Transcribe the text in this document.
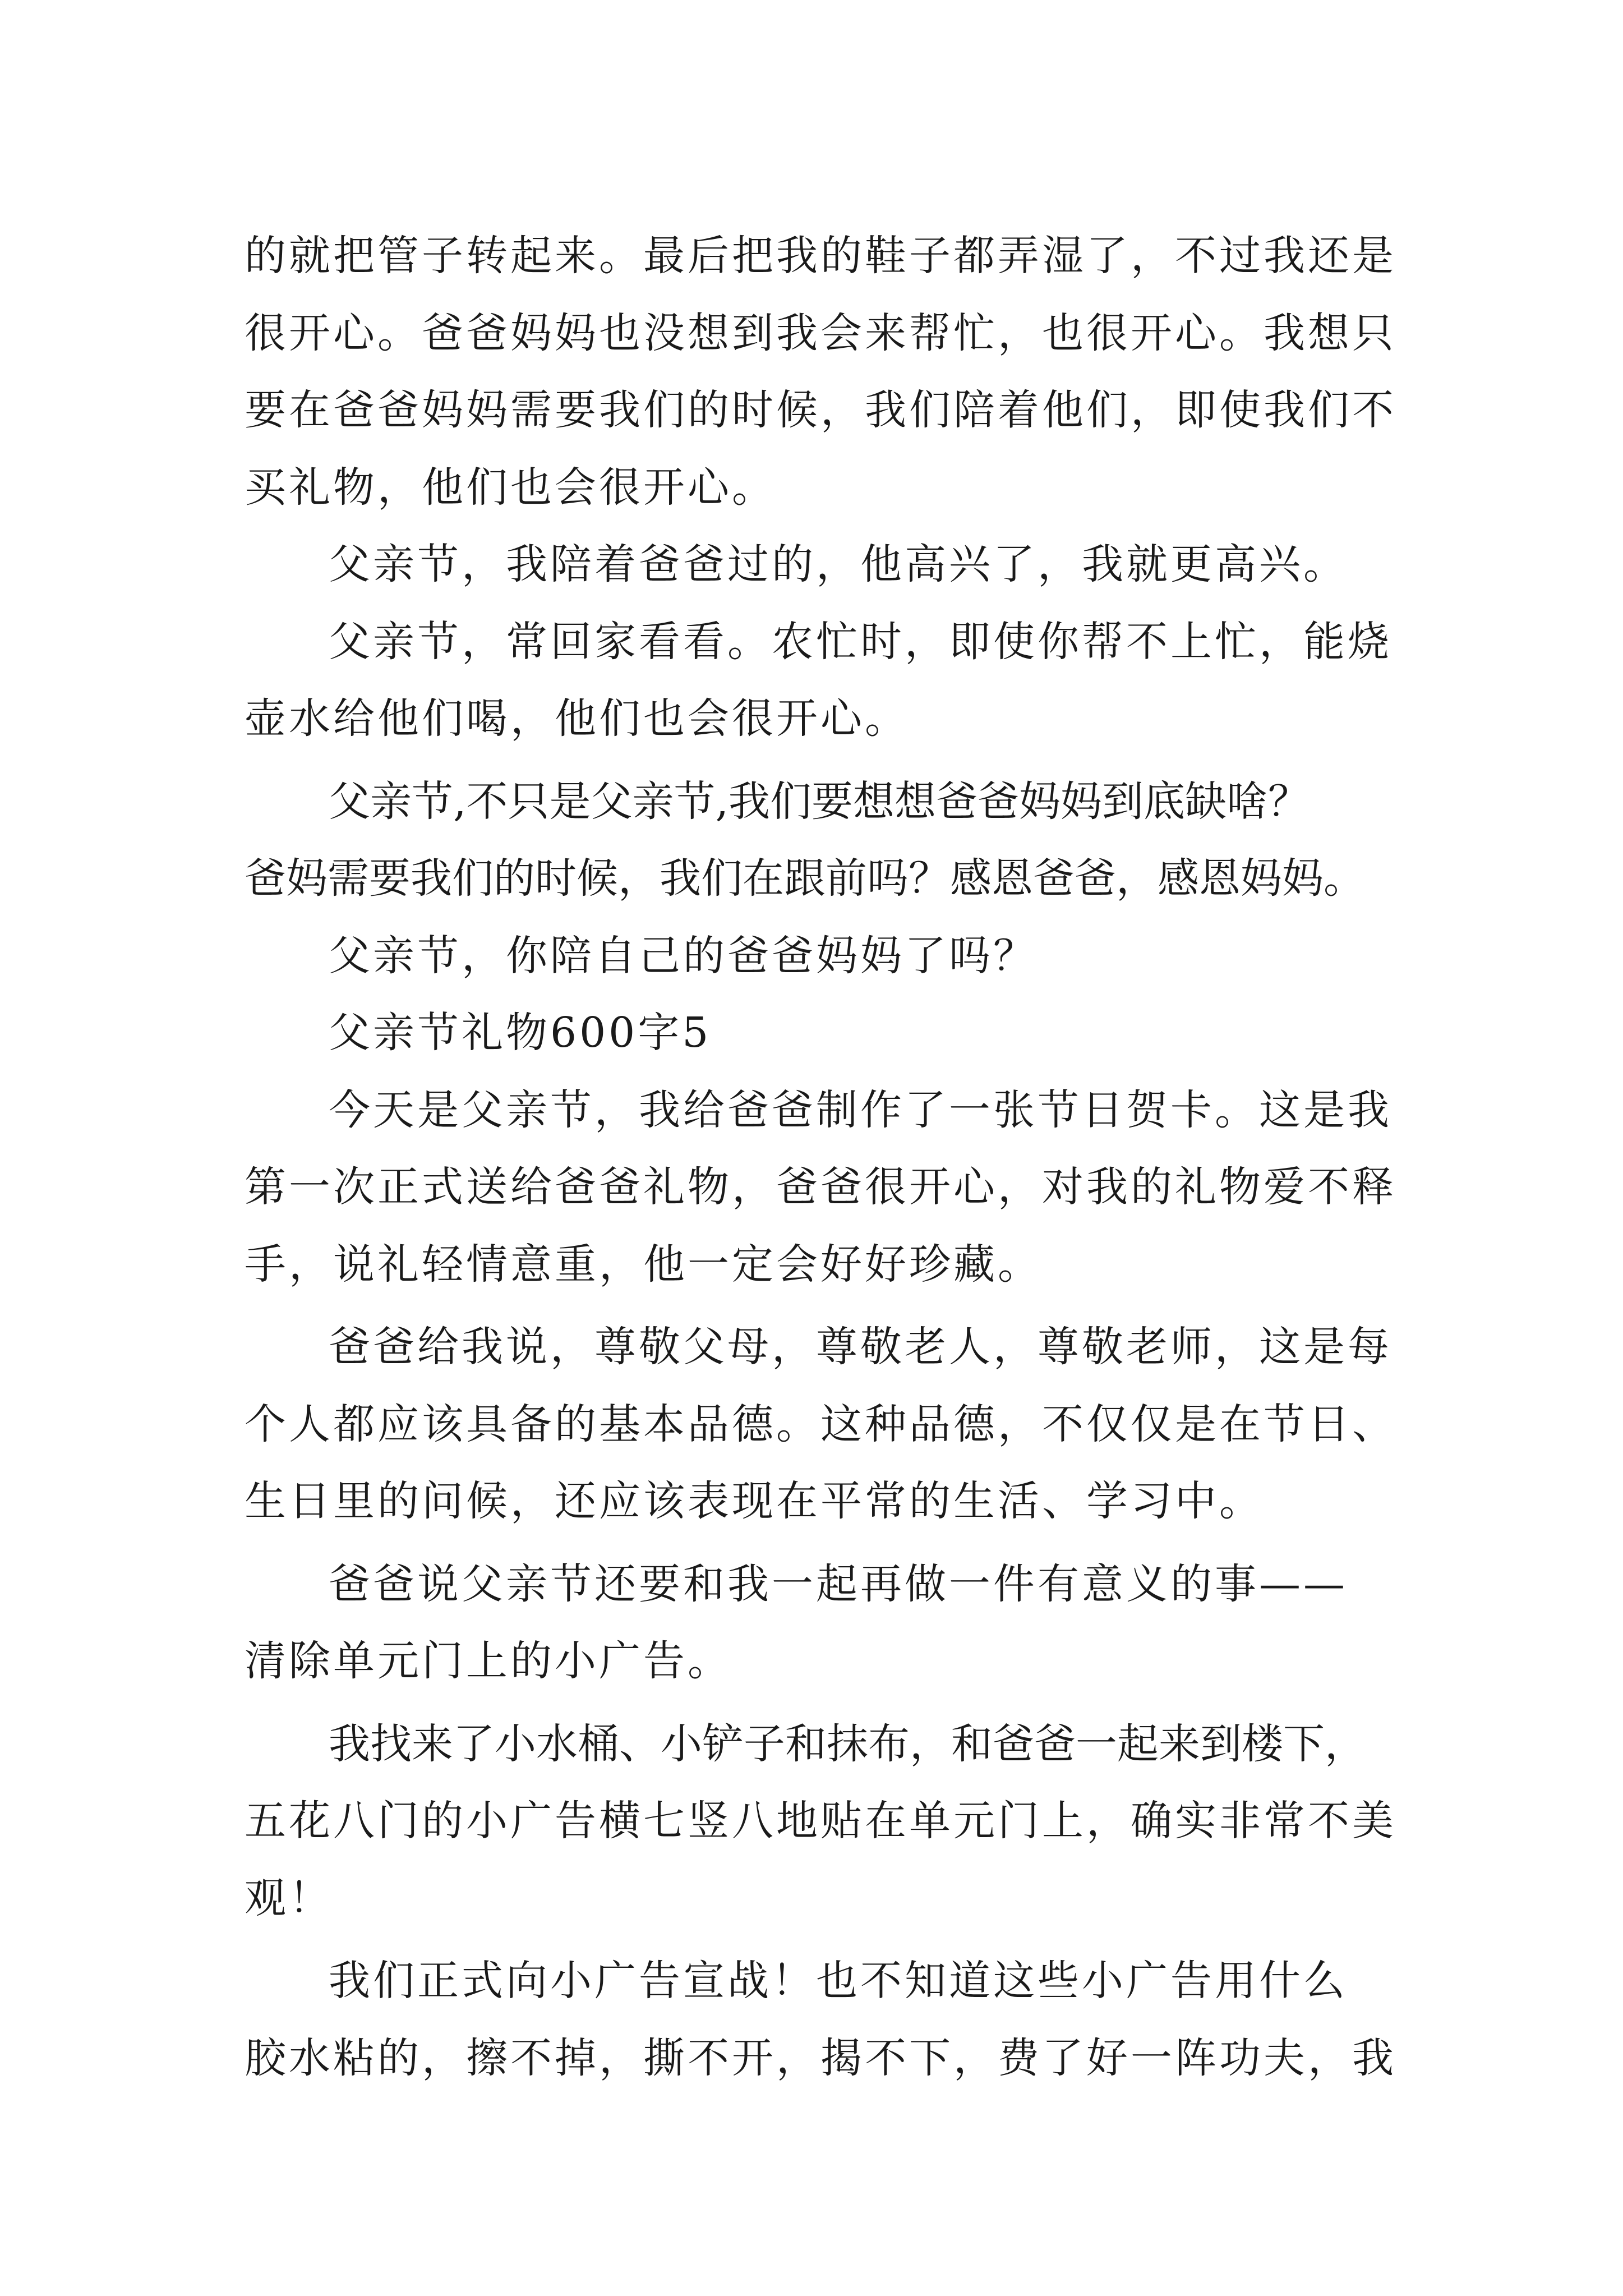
的就把管子转起来。最后把我的鞋子都弄湿了，不过我还是
很开心。爸爸妈妈也没想到我会来帮忙，也很开心。我想只
要在爸爸妈妈需要我们的时候，我们陪着他们，即使我们不
买礼物，他们也会很开心。
父亲节，我陪着爸爸过的，他高兴了，我就更高兴。
父亲节，常回家看看。农忙时，即使你帮不上忙，能烧
壶水给他们喝，他们也会很开心。
父亲节,不只是父亲节,我们要想想爸爸妈妈到底缺啥？
爸妈需要我们的时候，我们在跟前吗？感恩爸爸，感恩妈妈。
父亲节，你陪自己的爸爸妈妈了吗？
父亲节礼物600字5
今天是父亲节，我给爸爸制作了一张节日贺卡。这是我
第一次正式送给爸爸礼物，爸爸很开心，对我的礼物爱不释
手，说礼轻情意重，他一定会好好珍藏。
爸爸给我说，尊敬父母，尊敬老人，尊敬老师，这是每
个人都应该具备的基本品德。这种品德，不仅仅是在节日、
生日里的问候，还应该表现在平常的生活、学习中。
爸爸说父亲节还要和我一起再做一件有意义的事——
清除单元门上的小广告。
我找来了小水桶、小铲子和抹布，和爸爸一起来到楼下，
五花八门的小广告横七竖八地贴在单元门上，确实非常不美
观！
我们正式向小广告宣战！也不知道这些小广告用什么
胶水粘的，擦不掉，撕不开，揭不下，费了好一阵功夫，我
